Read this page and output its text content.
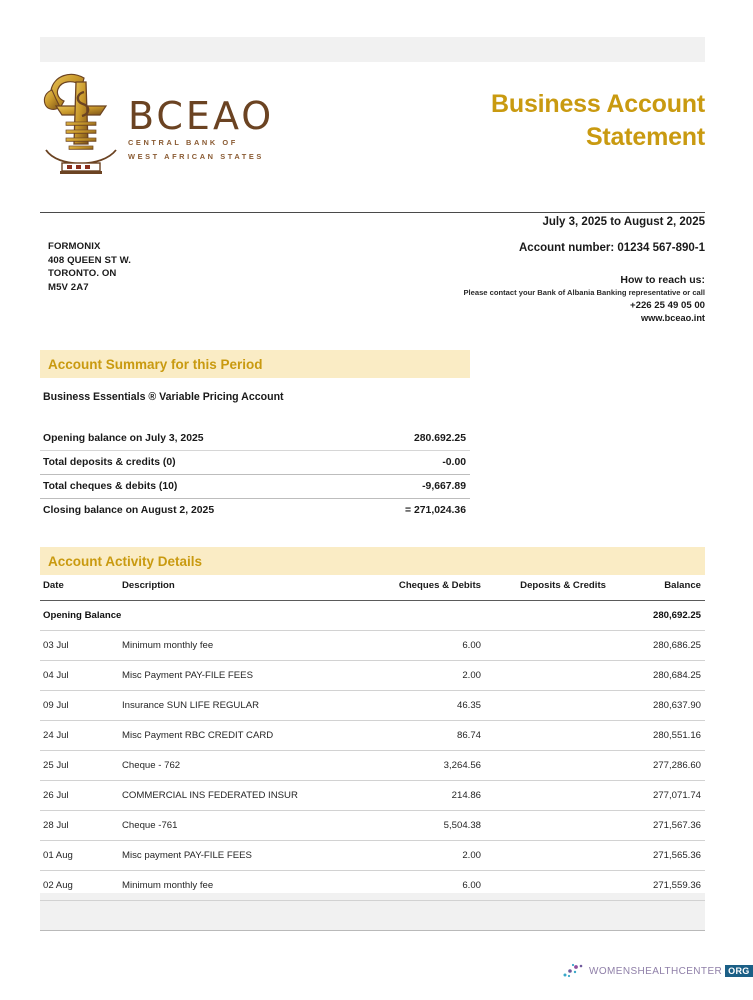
BCEAO
CENTRAL BANK OF
WEST AFRICAN STATES
Business Account
Statement
July 3, 2025 to August 2, 2025
Account number: 01234 567-890-1
How to reach us:
Please contact your Bank of Albania Banking representative or call
+226 25 49 05 00
www.bceao.int
FORMONIX
408 QUEEN ST W.
TORONTO. ON
M5V 2A7
Account Summary for this Period
Business Essentials ® Variable Pricing Account
Opening balance on July 3, 2025	280.692.25
Total deposits & credits (0)	-0.00
Total cheques & debits (10)	-9,667.89
Closing balance on August 2, 2025	= 271,024.36
Account Activity Details
Date	Description	Cheques & Debits	Deposits & Credits	Balance
Opening Balance				280,692.25
03 Jul	Minimum monthly fee	6.00		280,686.25
04 Jul	Misc Payment PAY-FILE FEES	2.00		280,684.25
09 Jul	Insurance SUN LIFE REGULAR	46.35		280,637.90
24 Jul	Misc Payment RBC CREDIT CARD	86.74		280,551.16
25 Jul	Cheque - 762	3,264.56		277,286.60
26 Jul	COMMERCIAL INS FEDERATED INSUR	214.86		277,071.74
28 Jul	Cheque -761	5,504.38		271,567.36
01 Aug	Misc payment PAY-FILE FEES	2.00		271,565.36
02 Aug	Minimum monthly fee	6.00		271,559.36
WOMENSHEALTHCENTER ORG
